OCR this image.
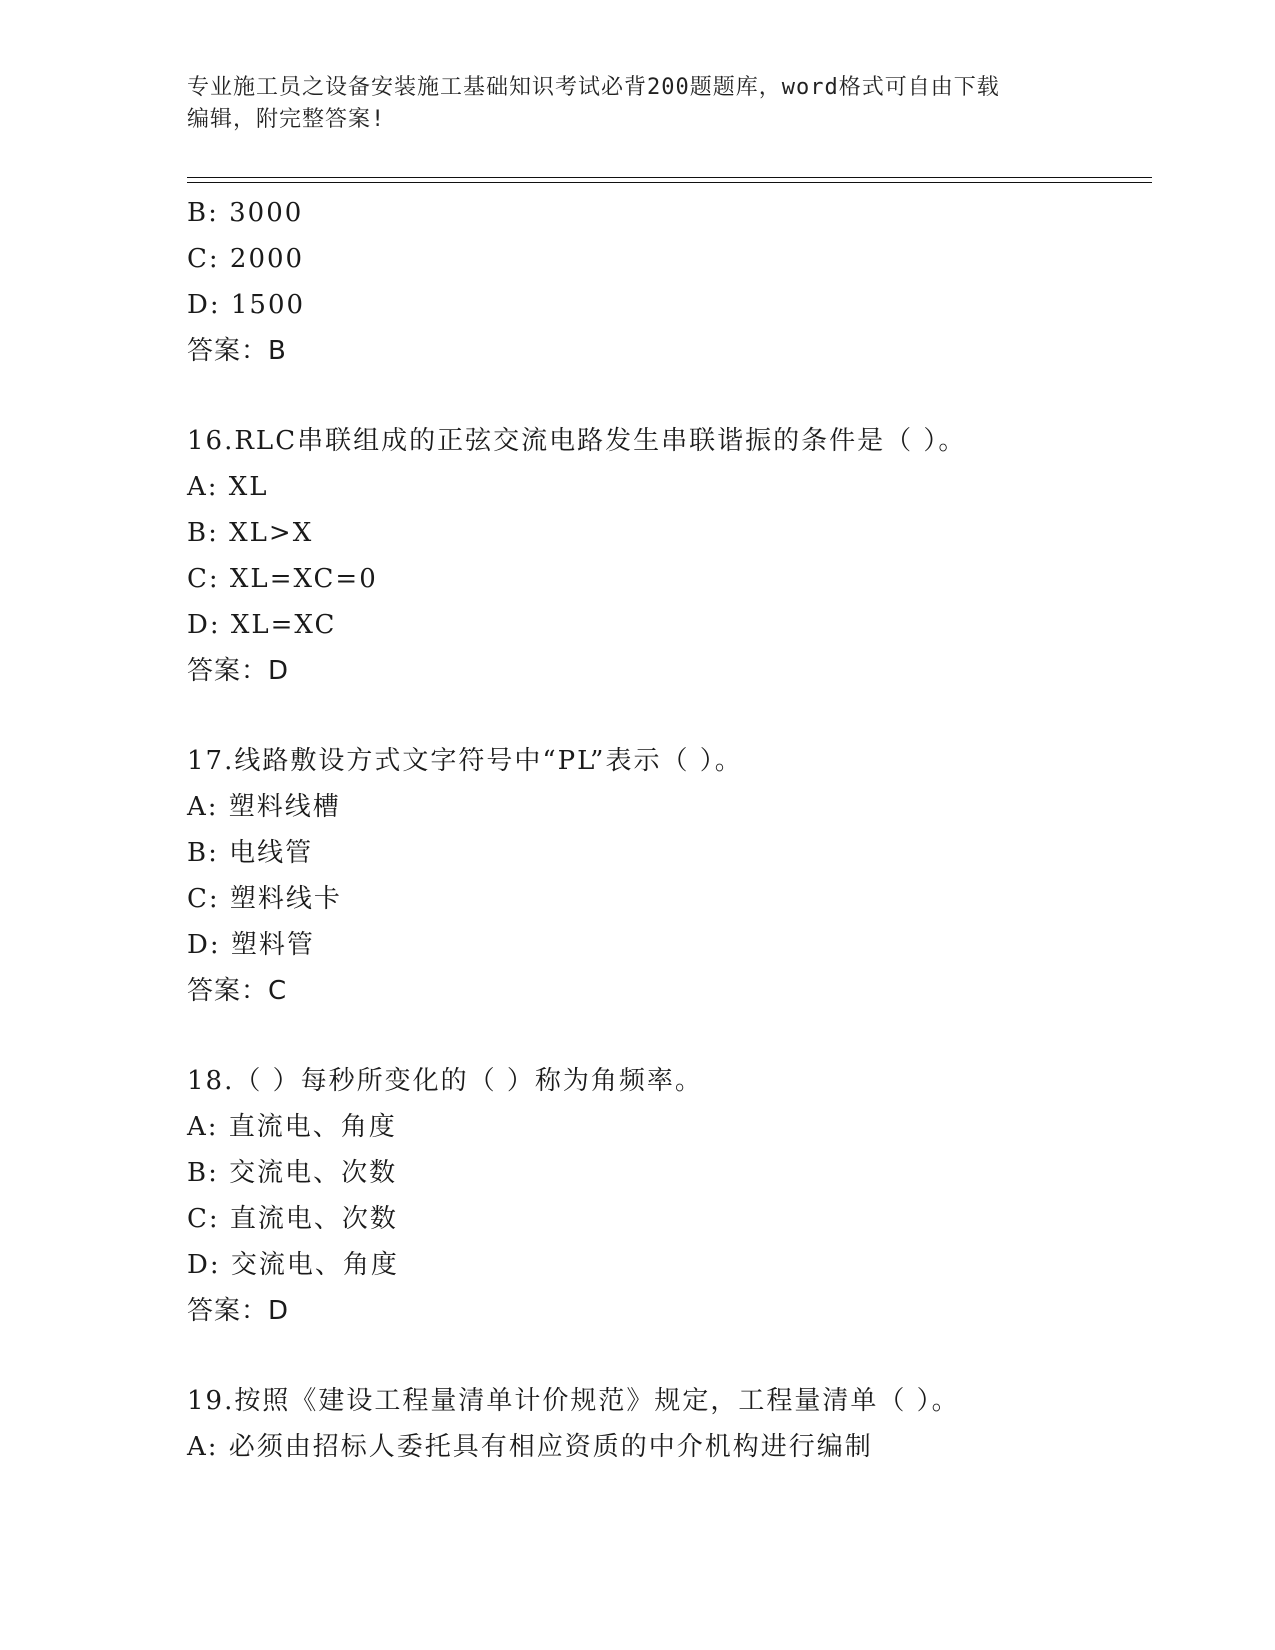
专业施工员之设备安装施工基础知识考试必背200题题库，word格式可自由下载
编辑，附完整答案!
B: 3000
C: 2000
D: 1500
答案：B
16.RLC串联组成的正弦交流电路发生串联谐振的条件是（ ）。
A: XL
B: XL>X
C: XL=XC=0
D: XL=XC
答案：D
17.线路敷设方式文字符号中“PL”表示（ ）。
A: 塑料线槽
B: 电线管
C: 塑料线卡
D: 塑料管
答案：C
18.（ ）每秒所变化的（ ）称为角频率。
A: 直流电、角度
B: 交流电、次数
C: 直流电、次数
D: 交流电、角度
答案：D
19.按照《建设工程量清单计价规范》规定，工程量清单（ ）。
A: 必须由招标人委托具有相应资质的中介机构进行编制
